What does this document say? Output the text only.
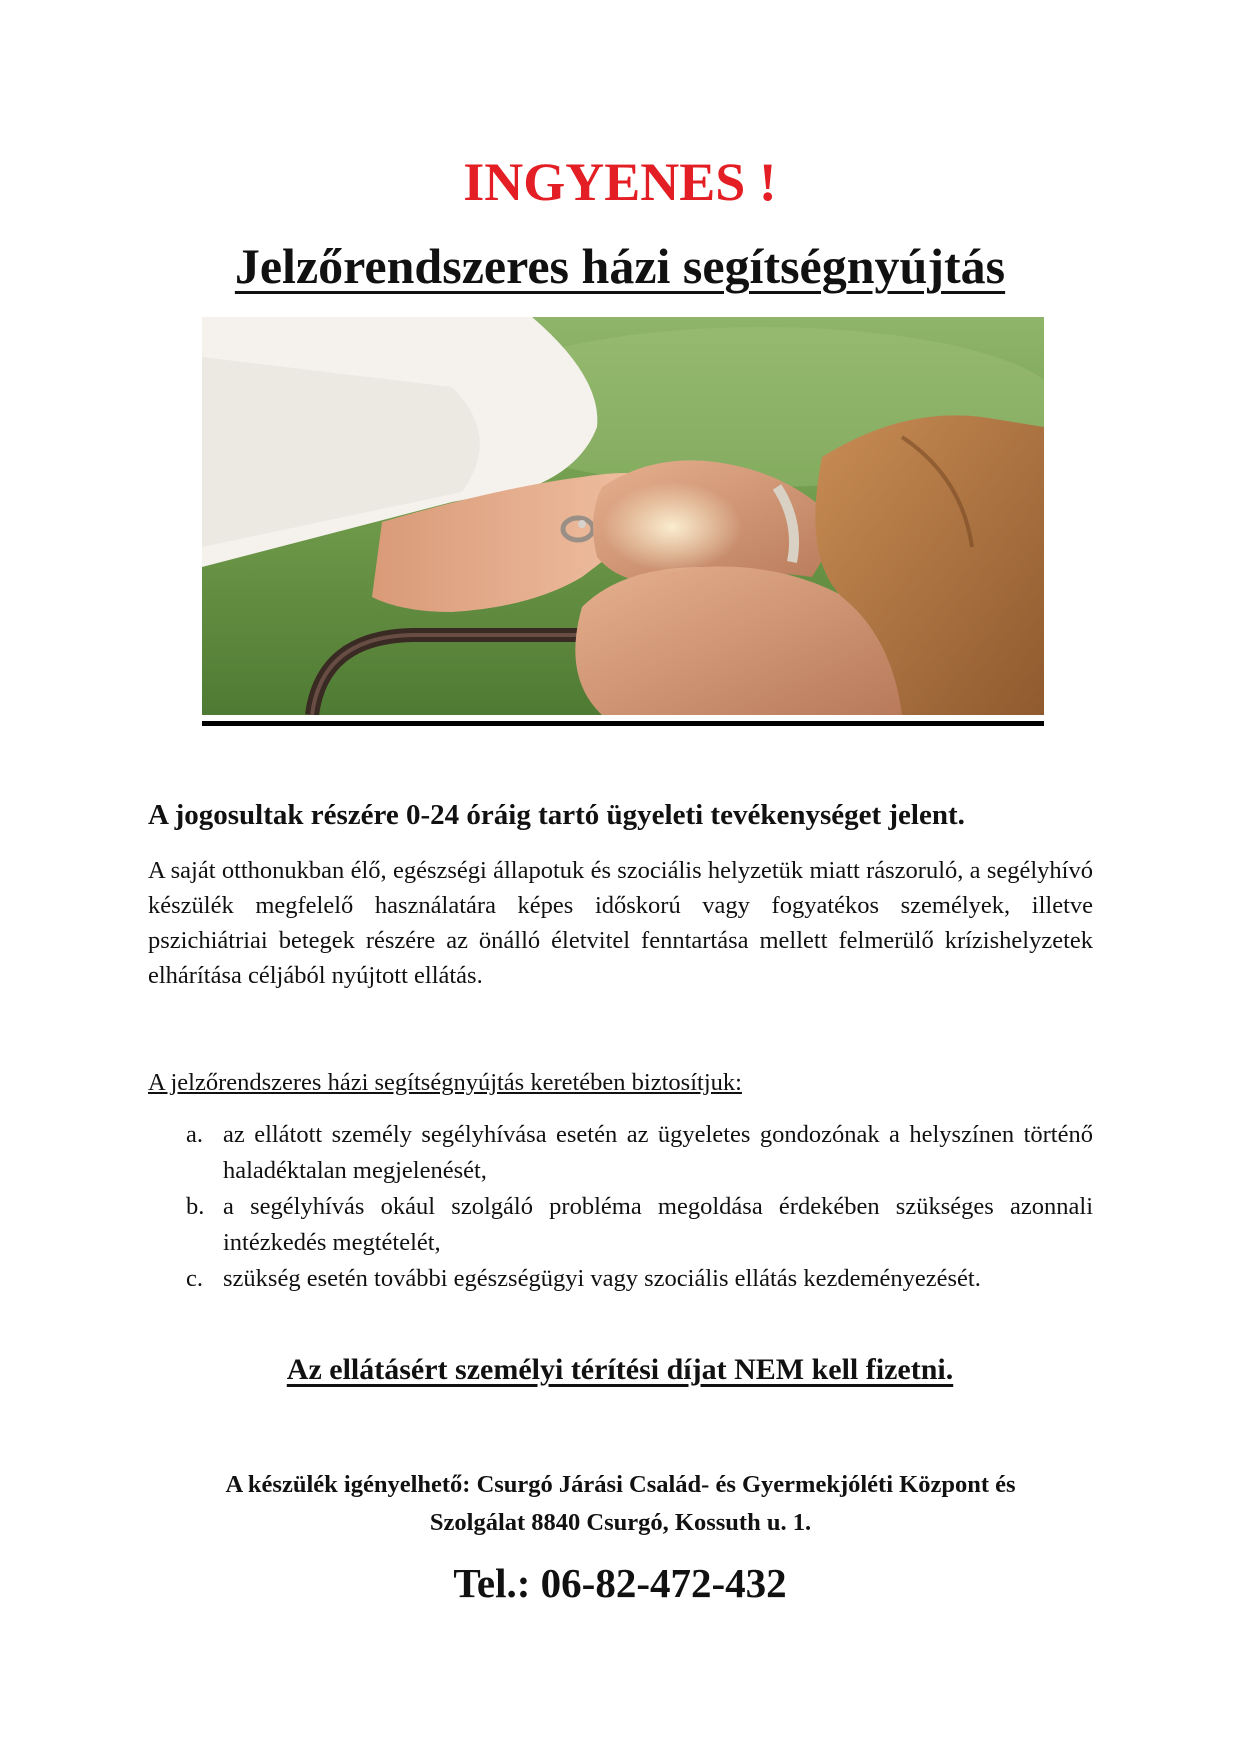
INGYENES !
Jelzőrendszeres házi segítségnyújtás
A jogosultak részére 0-24 óráig tartó ügyeleti tevékenységet jelent.
A saját otthonukban élő, egészségi állapotuk és szociális helyzetük miatt rászoruló, a segélyhívó készülék megfelelő használatára képes időskorú vagy fogyatékos személyek, illetve pszichiátriai betegek részére az önálló életvitel fenntartása mellett felmerülő krízishelyzetek elhárítása céljából nyújtott ellátás.
A jelzőrendszeres házi segítségnyújtás keretében biztosítjuk:
a. az ellátott személy segélyhívása esetén az ügyeletes gondozónak a helyszínen történő haladéktalan megjelenését,
b. a segélyhívás okául szolgáló probléma megoldása érdekében szükséges azonnali intézkedés megtételét,
c. szükség esetén további egészségügyi vagy szociális ellátás kezdeményezését.
Az ellátásért személyi térítési díjat NEM kell fizetni.
A készülék igényelhető: Csurgó Járási Család- és Gyermekjóléti Központ és
Szolgálat 8840 Csurgó, Kossuth u. 1.
Tel.: 06-82-472-432
